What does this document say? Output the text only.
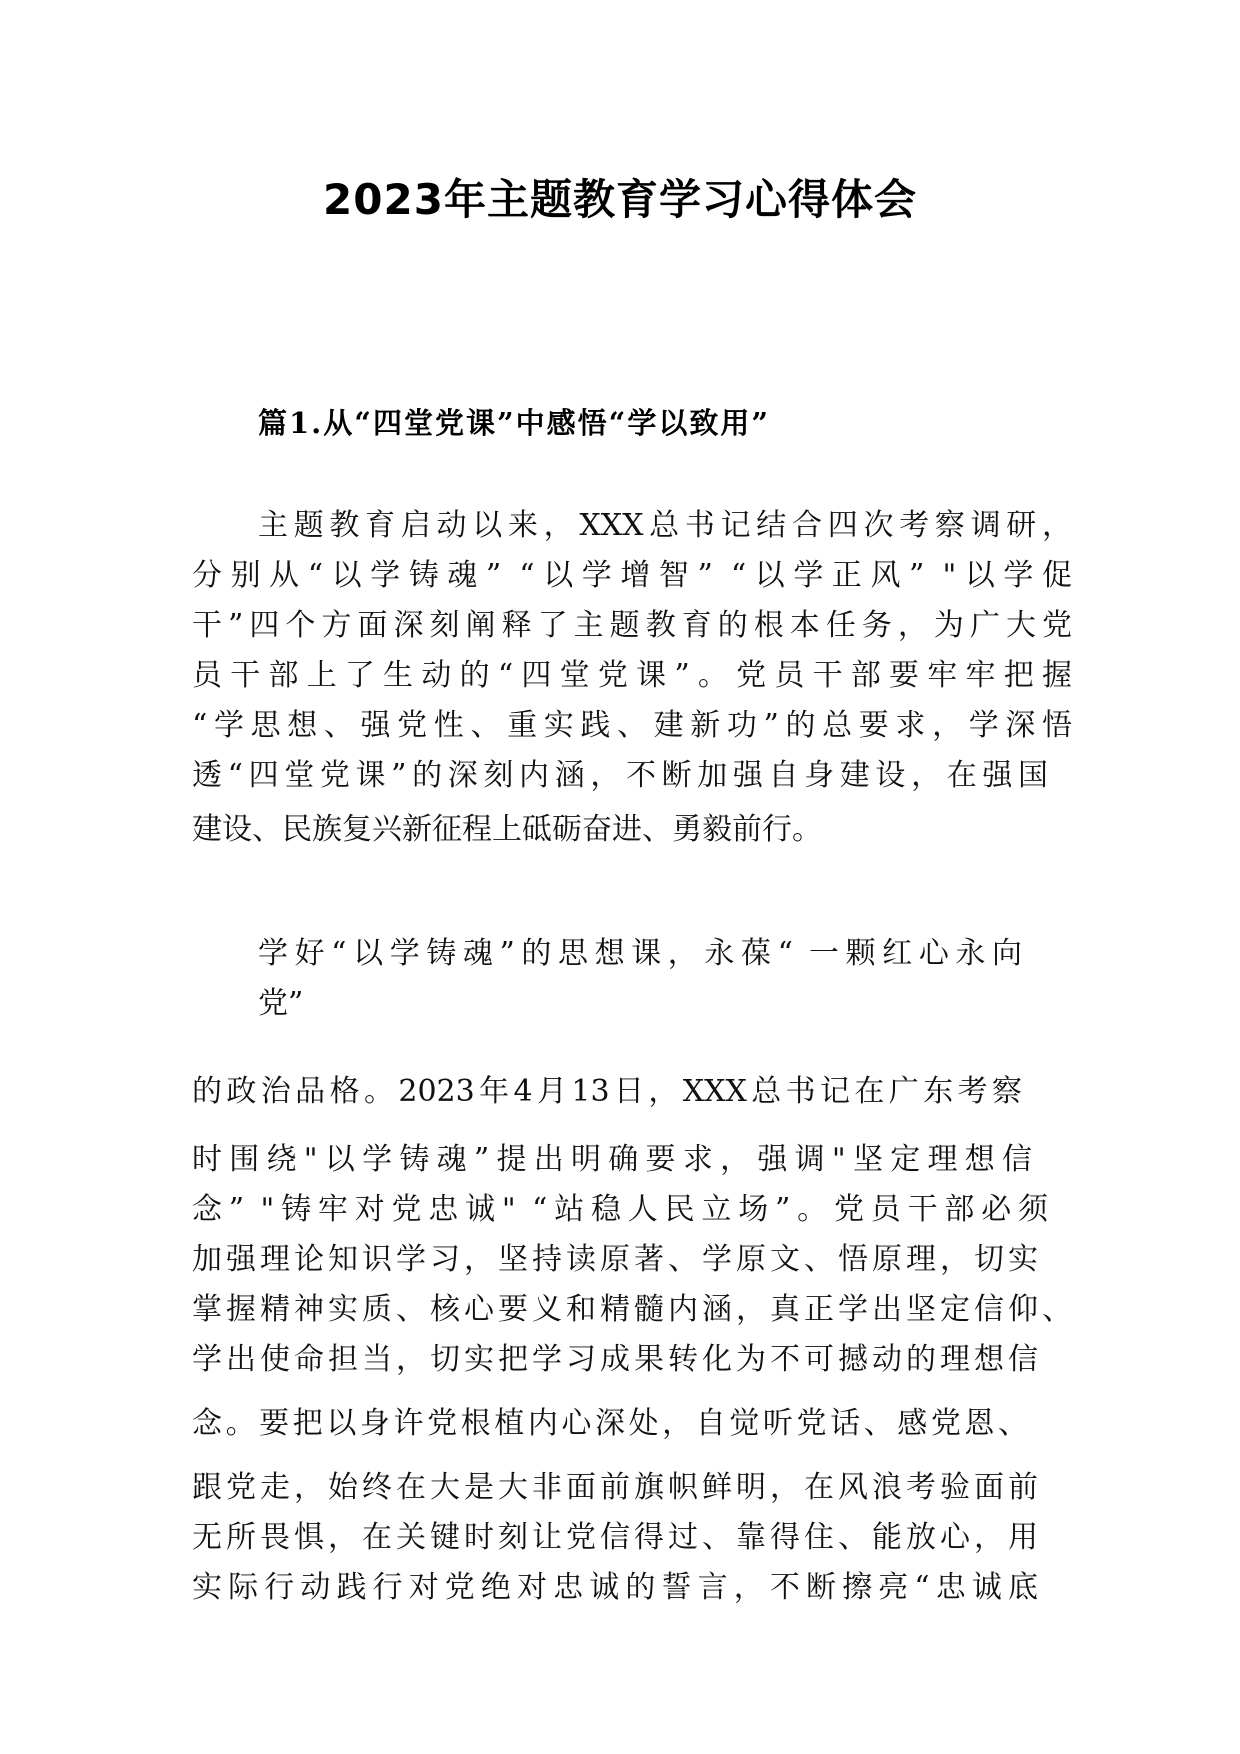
2023年主题教育学习心得体会
篇1.从“四堂党课”中感悟“学以致用”
主题教育启动以来，XXX总书记结合四次考察调研，
分别从“以学铸魂” “以学增智” “以学正风” "以学促
干”四个方面深刻阐释了主题教育的根本任务，为广大党
员干部上了生动的“四堂党课”。党员干部要牢牢把握
“学思想、强党性、重实践、建新功”的总要求，学深悟
透“四堂党课”的深刻内涵，不断加强自身建设，在强国
建设、民族复兴新征程上砥砺奋进、勇毅前行。
学好“以学铸魂”的思想课，永葆“ 一颗红心永向
党”
的政治品格。2023年4月13日，XXX总书记在广东考察
时围绕"以学铸魂”提出明确要求，强调"坚定理想信
念” "铸牢对党忠诚" “站稳人民立场”。党员干部必须
加强理论知识学习，坚持读原著、学原文、悟原理，切实
掌握精神实质、核心要义和精髓内涵，真正学出坚定信仰、
学出使命担当，切实把学习成果转化为不可撼动的理想信
念。要把以身许党根植内心深处，自觉听党话、感党恩、
跟党走，始终在大是大非面前旗帜鲜明，在风浪考验面前
无所畏惧，在关键时刻让党信得过、靠得住、能放心，用
实际行动践行对党绝对忠诚的誓言，不断擦亮“忠诚底
